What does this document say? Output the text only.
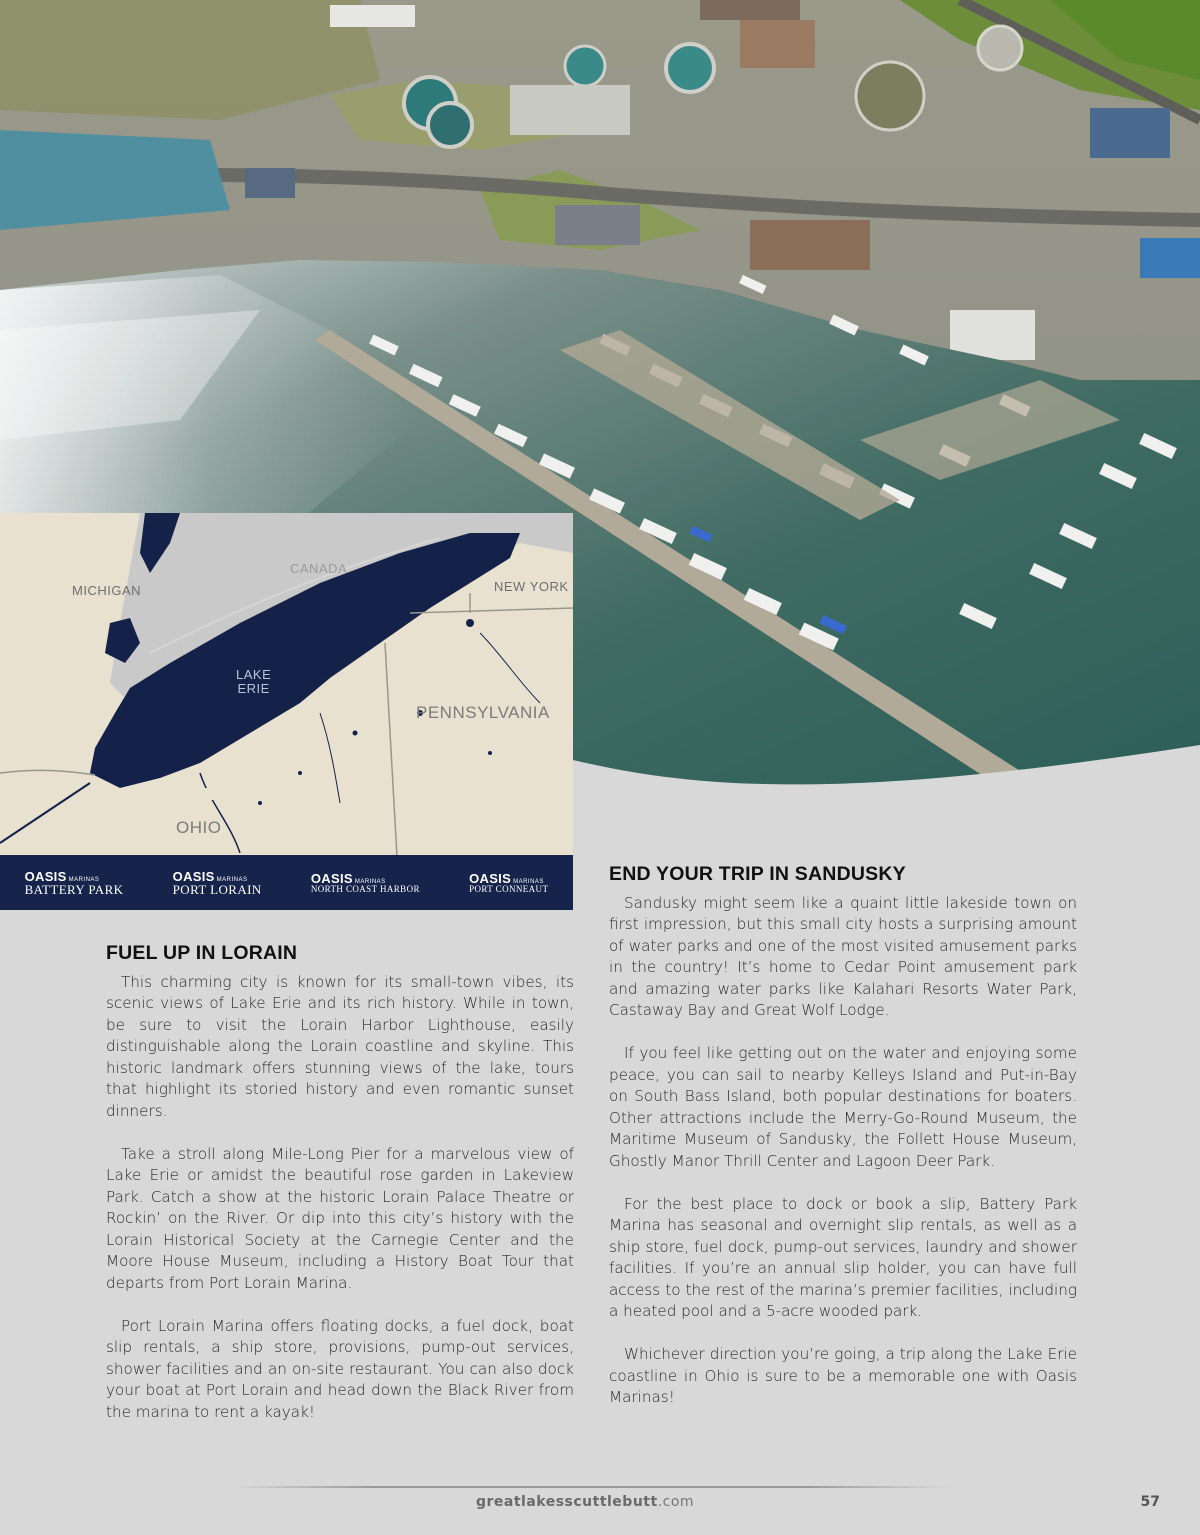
MICHIGAN
CANADA
NEW YORK
LAKE
ERIE
PENNSYLVANIA
OHIO
OASIS MARINAS
BATTERY PARK
OASIS MARINAS
PORT LORAIN
OASIS MARINAS
NORTH COAST HARBOR
OASIS MARINAS
PORT CONNEAUT
FUEL UP IN LORAIN

This charming city is known for its small-town vibes, its scenic views of Lake Erie and its rich history. While in town, be sure to visit the Lorain Harbor Lighthouse, easily distinguishable along the Lorain coastline and skyline. This historic landmark offers stunning views of the lake, tours that highlight its storied history and even romantic sunset dinners.

Take a stroll along Mile-Long Pier for a marvelous view of Lake Erie or amidst the beautiful rose garden in Lakeview Park. Catch a show at the historic Lorain Palace Theatre or Rockin’ on the River. Or dip into this city’s history with the Lorain Historical Society at the Carnegie Center and the Moore House Museum, including a History Boat Tour that departs from Port Lorain Marina.

Port Lorain Marina offers floating docks, a fuel dock, boat slip rentals, a ship store, provisions, pump-out services, shower facilities and an on-site restaurant. You can also dock your boat at Port Lorain and head down the Black River from the marina to rent a kayak!

END YOUR TRIP IN SANDUSKY

Sandusky might seem like a quaint little lakeside town on first impression, but this small city hosts a surprising amount of water parks and one of the most visited amusement parks in the country! It’s home to Cedar Point amusement park and amazing water parks like Kalahari Resorts Water Park, Castaway Bay and Great Wolf Lodge.

If you feel like getting out on the water and enjoying some peace, you can sail to nearby Kelleys Island and Put-in-Bay on South Bass Island, both popular destinations for boaters. Other attractions include the Merry-Go-Round Museum, the Maritime Museum of Sandusky, the Follett House Museum, Ghostly Manor Thrill Center and Lagoon Deer Park.

For the best place to dock or book a slip, Battery Park Marina has seasonal and overnight slip rentals, as well as a ship store, fuel dock, pump-out services, laundry and shower facilities. If you’re an annual slip holder, you can have full access to the rest of the marina’s premier facilities, including a heated pool and a 5-acre wooded park.

Whichever direction you’re going, a trip along the Lake Erie coastline in Ohio is sure to be a memorable one with Oasis Marinas!

greatlakesscuttlebutt.com	57
